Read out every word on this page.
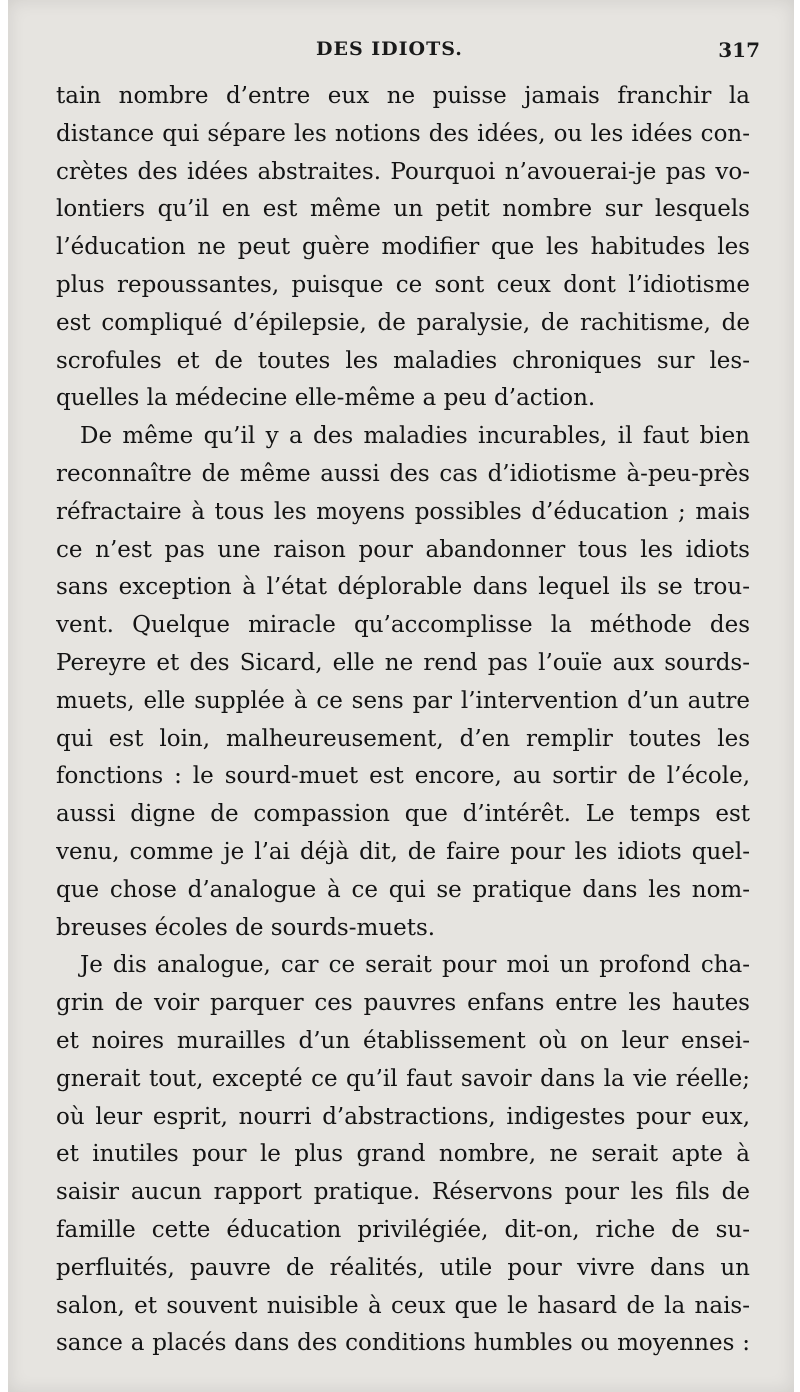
DES IDIOTS.	317
tain nombre d’entre eux ne puisse jamais franchir la
distance qui sépare les notions des idées, ou les idées con-
crètes des idées abstraites. Pourquoi n’avouerai-je pas vo-
lontiers qu’il en est même un petit nombre sur lesquels
l’éducation ne peut guère modifier que les habitudes les
plus repoussantes, puisque ce sont ceux dont l’idiotisme
est compliqué d’épilepsie, de paralysie, de rachitisme, de
scrofules et de toutes les maladies chroniques sur les-
quelles la médecine elle-même a peu d’action.
De même qu’il y a des maladies incurables, il faut bien
reconnaître de même aussi des cas d’idiotisme à-peu-près
réfractaire à tous les moyens possibles d’éducation ; mais
ce n’est pas une raison pour abandonner tous les idiots
sans exception à l’état déplorable dans lequel ils se trou-
vent. Quelque miracle qu’accomplisse la méthode des
Pereyre et des Sicard, elle ne rend pas l’ouïe aux sourds-
muets, elle supplée à ce sens par l’intervention d’un autre
qui est loin, malheureusement, d’en remplir toutes les
fonctions : le sourd-muet est encore, au sortir de l’école,
aussi digne de compassion que d’intérêt. Le temps est
venu, comme je l’ai déjà dit, de faire pour les idiots quel-
que chose d’analogue à ce qui se pratique dans les nom-
breuses écoles de sourds-muets.
Je dis analogue, car ce serait pour moi un profond cha-
grin de voir parquer ces pauvres enfans entre les hautes
et noires murailles d’un établissement où on leur ensei-
gnerait tout, excepté ce qu’il faut savoir dans la vie réelle;
où leur esprit, nourri d’abstractions, indigestes pour eux,
et inutiles pour le plus grand nombre, ne serait apte à
saisir aucun rapport pratique. Réservons pour les fils de
famille cette éducation privilégiée, dit-on, riche de su-
perfluités, pauvre de réalités, utile pour vivre dans un
salon, et souvent nuisible à ceux que le hasard de la nais-
sance a placés dans des conditions humbles ou moyennes :
